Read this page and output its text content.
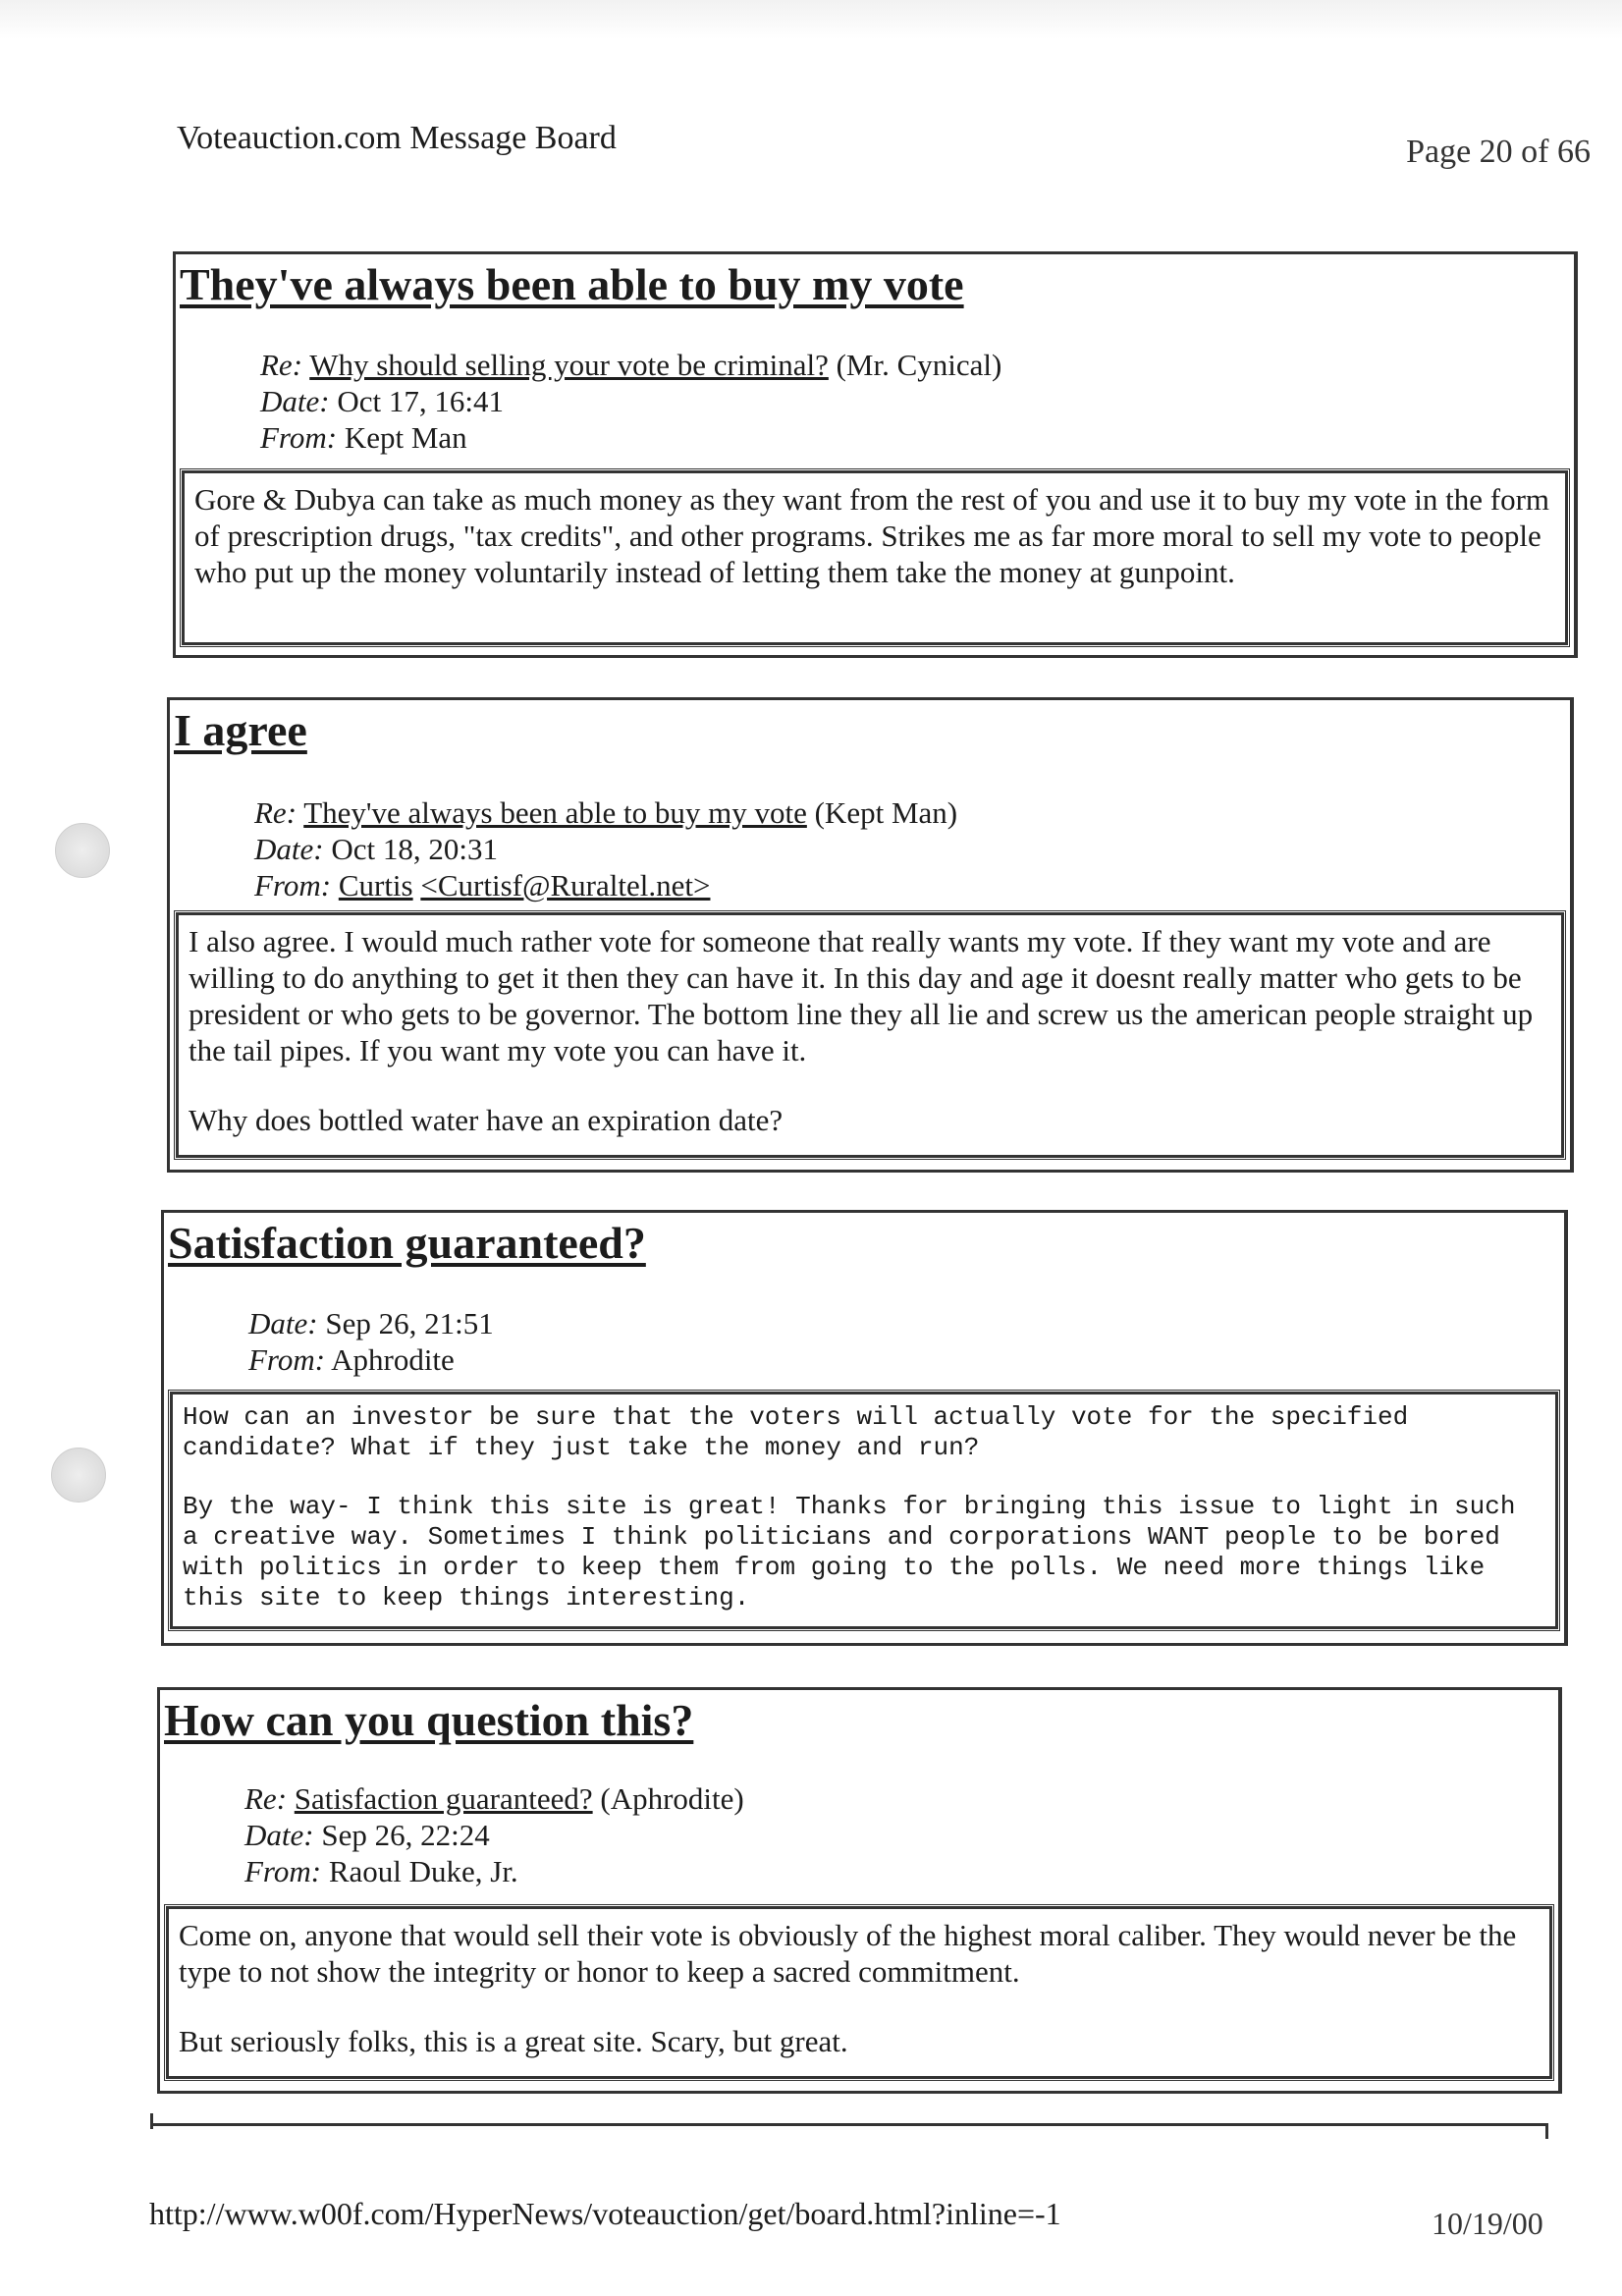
Voteauction.com Message Board	Page 20 of 66
They've always been able to buy my vote
Re: Why should selling your vote be criminal? (Mr. Cynical)
Date: Oct 17, 16:41
From: Kept Man

Gore & Dubya can take as much money as they want from the rest of you and use it to buy my vote in the form of prescription drugs, "tax credits", and other programs. Strikes me as far more moral to sell my vote to people who put up the money voluntarily instead of letting them take the money at gunpoint.

I agree
Re: They've always been able to buy my vote (Kept Man)
Date: Oct 18, 20:31
From: Curtis <Curtisf@Ruraltel.net>

I also agree. I would much rather vote for someone that really wants my vote. If they want my vote and are willing to do anything to get it then they can have it. In this day and age it doesnt really matter who gets to be president or who gets to be governor. The bottom line they all lie and screw us the american people straight up the tail pipes. If you want my vote you can have it.

Why does bottled water have an expiration date?

Satisfaction guaranteed?
Date: Sep 26, 21:51
From: Aphrodite

How can an investor be sure that the voters will actually vote for the specified candidate? What if they just take the money and run?

By the way- I think this site is great! Thanks for bringing this issue to light in such a creative way. Sometimes I think politicians and corporations WANT people to be bored with politics in order to keep them from going to the polls. We need more things like this site to keep things interesting.

How can you question this?
Re: Satisfaction guaranteed? (Aphrodite)
Date: Sep 26, 22:24
From: Raoul Duke, Jr.

Come on, anyone that would sell their vote is obviously of the highest moral caliber. They would never be the type to not show the integrity or honor to keep a sacred commitment.

But seriously folks, this is a great site. Scary, but great.

http://www.w00f.com/HyperNews/voteauction/get/board.html?inline=-1	10/19/00
